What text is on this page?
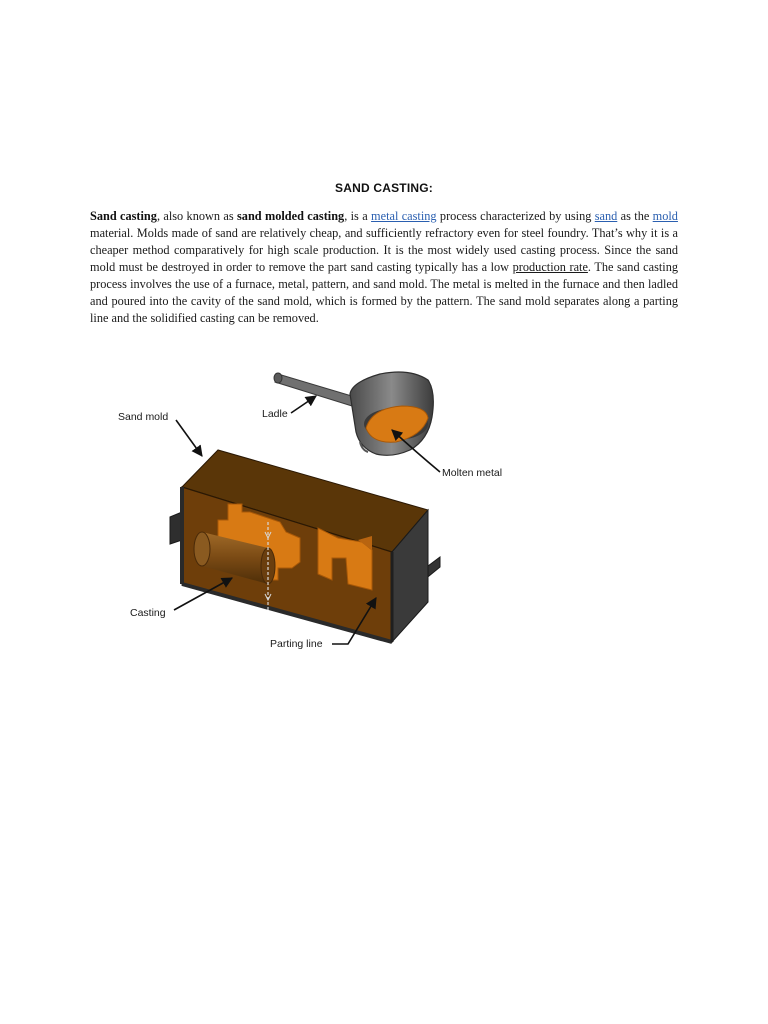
SAND CASTING:
Sand casting, also known as sand molded casting, is a metal casting process characterized by using sand as the mold material. Molds made of sand are relatively cheap, and sufficiently refractory even for steel foundry. That’s why it is a cheaper method comparatively for high scale production. It is the most widely used casting process. Since the sand mold must be destroyed in order to remove the part sand casting typically has a low production rate. The sand casting process involves the use of a furnace, metal, pattern, and sand mold. The metal is melted in the furnace and then ladled and poured into the cavity of the sand mold, which is formed by the pattern. The sand mold separates along a parting line and the solidified casting can be removed.
Sand mold	Ladle
Molten metal
Casting
Parting line
